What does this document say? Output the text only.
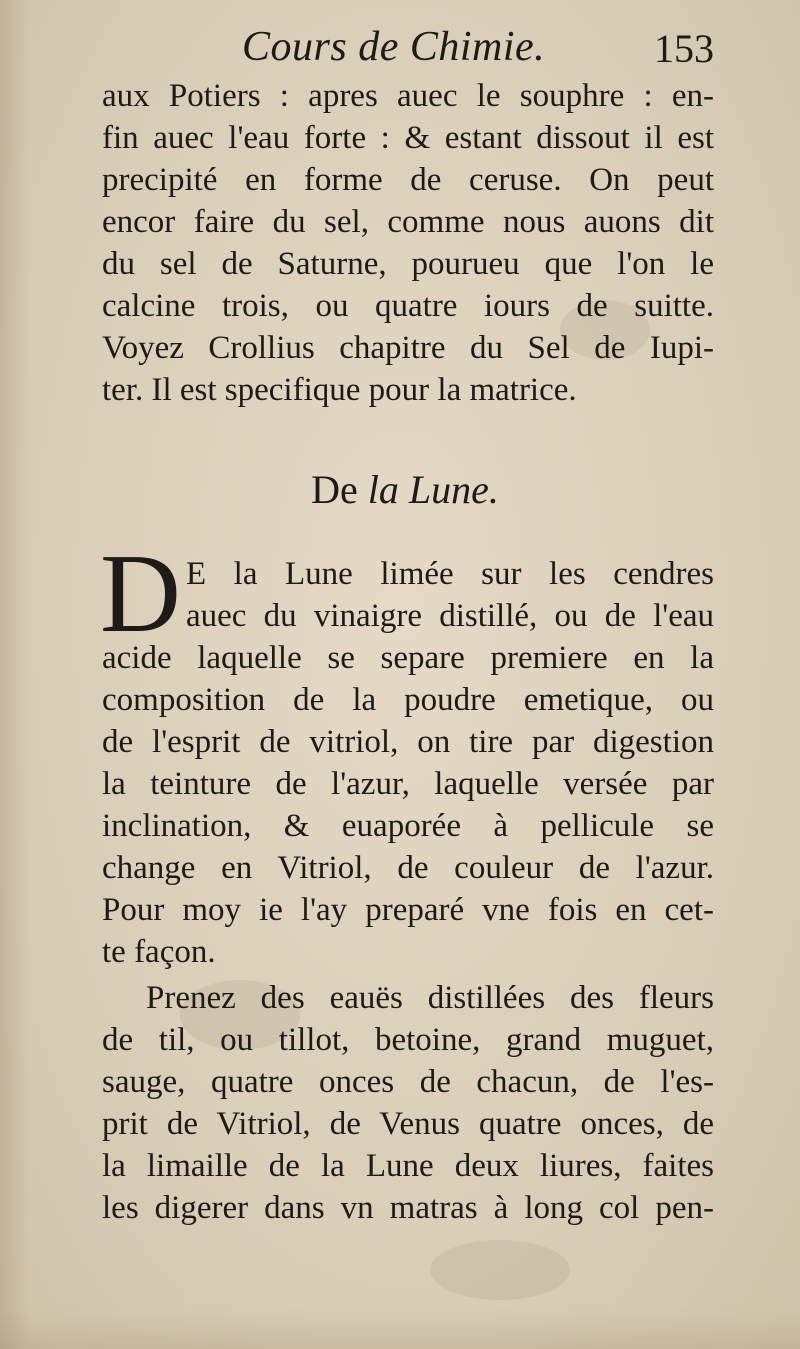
Cours de Chimie.	153
aux Potiers : apres auec le souphre : en-
fin auec l'eau forte : & estant dissout il est
precipité en forme de ceruse. On peut
encor faire du sel, comme nous auons dit
du sel de Saturne, pourueu que l'on le
calcine trois, ou quatre iours de suitte.
Voyez Crollius chapitre du Sel de Iupi-
ter. Il est specifique pour la matrice.
De la Lune.
D E la Lune limée sur les cendres
auec du vinaigre distillé, ou de l'eau
acide laquelle se separe premiere en la
composition de la poudre emetique, ou
de l'esprit de vitriol, on tire par digestion
la teinture de l'azur, laquelle versée par
inclination, & euaporée à pellicule se
change en Vitriol, de couleur de l'azur.
Pour moy ie l'ay preparé vne fois en cet-
te façon.
Prenez des eauës distillées des fleurs
de til, ou tillot, betoine, grand muguet,
sauge, quatre onces de chacun, de l'es-
prit de Vitriol, de Venus quatre onces, de
la limaille de la Lune deux liures, faites
les digerer dans vn matras à long col pen-
